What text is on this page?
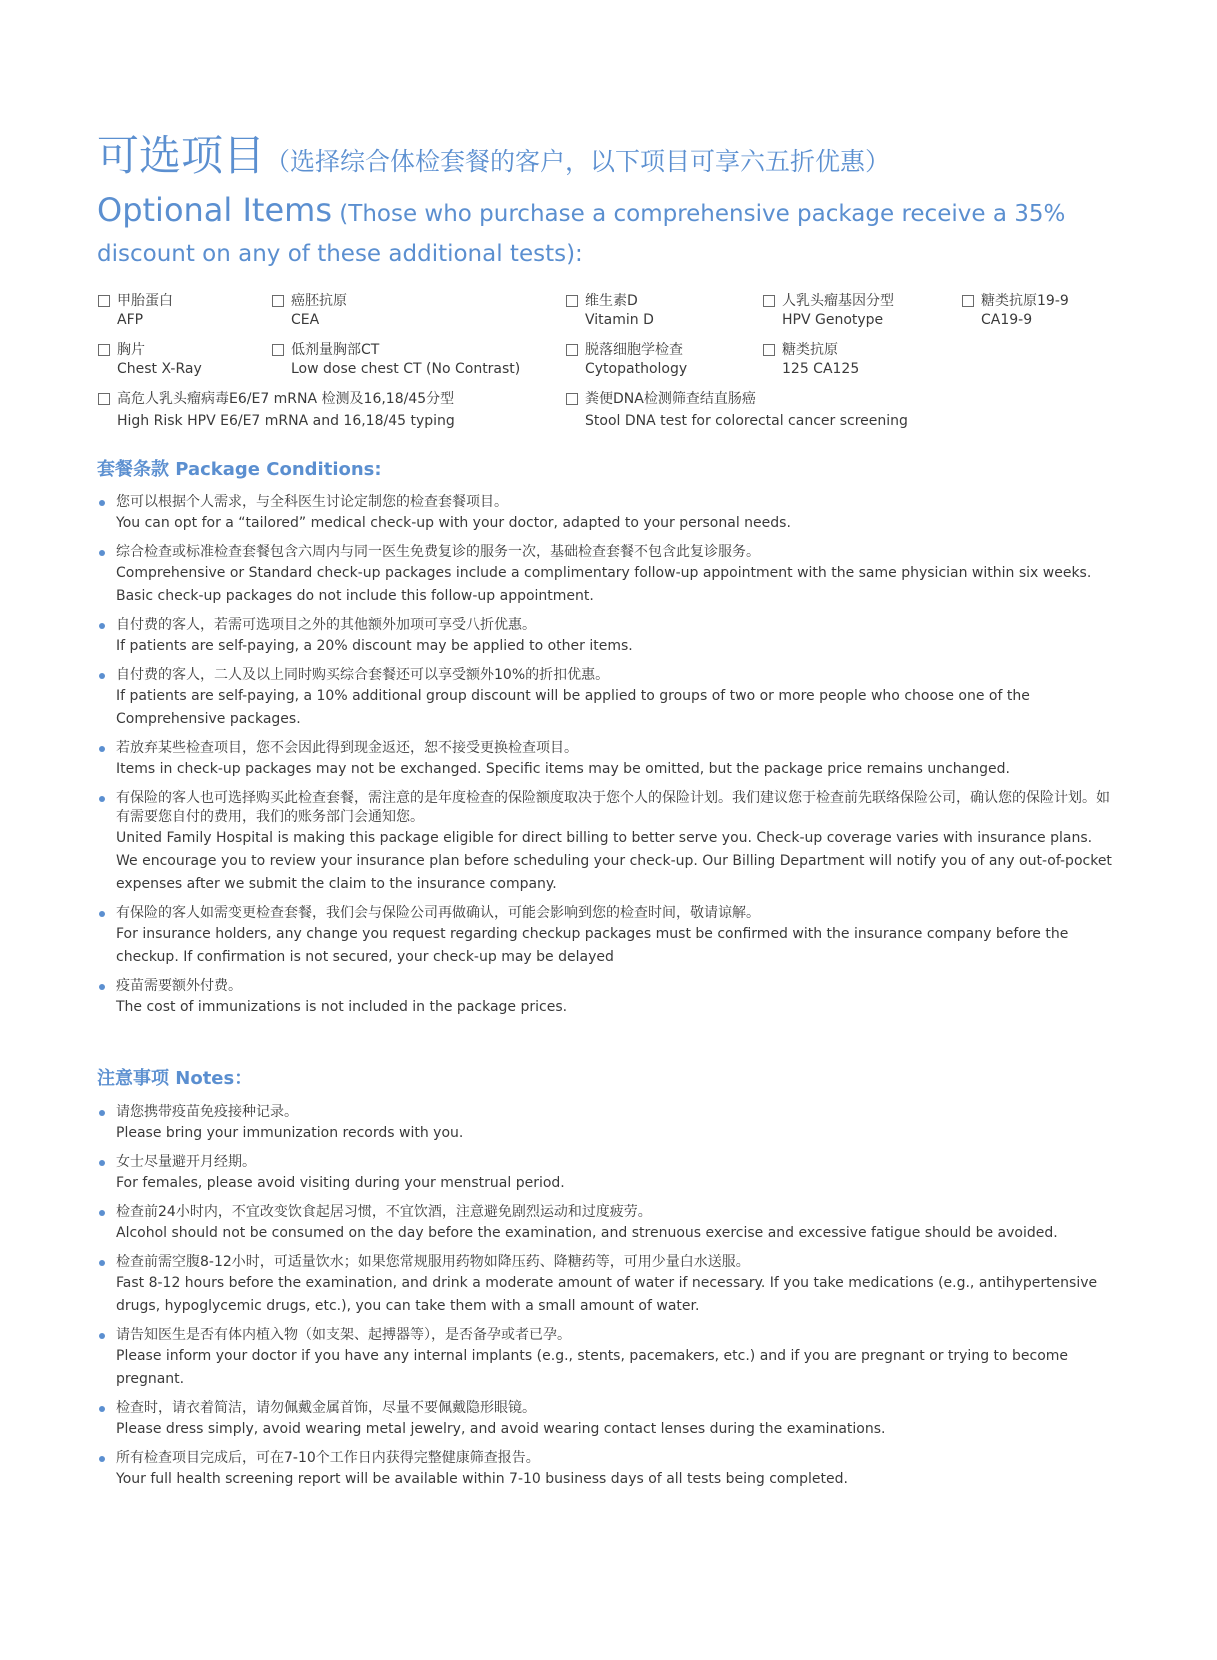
可选项目（选择综合体检套餐的客户，以下项目可享六五折优惠）
Optional Items (Those who purchase a comprehensive package receive a 35% discount on any of these additional tests):
甲胎蛋白
AFP
癌胚抗原
CEA
维生素D
Vitamin D
人乳头瘤基因分型
HPV Genotype
糖类抗原19-9
CA19-9
胸片
Chest X-Ray
低剂量胸部CT
Low dose chest CT (No Contrast)
脱落细胞学检查
Cytopathology
糖类抗原
125 CA125
高危人乳头瘤病毒E6/E7 mRNA 检测及16,18/45分型
High Risk HPV E6/E7 mRNA and 16,18/45 typing
粪便DNA检测筛查结直肠癌
Stool DNA test for colorectal cancer screening
套餐条款 Package Conditions:
您可以根据个人需求，与全科医生讨论定制您的检查套餐项目。
You can opt for a “tailored” medical check-up with your doctor, adapted to your personal needs.
综合检查或标准检查套餐包含六周内与同一医生免费复诊的服务一次，基础检查套餐不包含此复诊服务。
Comprehensive or Standard check-up packages include a complimentary follow-up appointment with the same physician within six weeks. Basic check-up packages do not include this follow-up appointment.
自付费的客人，若需可选项目之外的其他额外加项可享受八折优惠。
If patients are self-paying, a 20% discount may be applied to other items.
自付费的客人，二人及以上同时购买综合套餐还可以享受额外10%的折扣优惠。
If patients are self-paying, a 10% additional group discount will be applied to groups of two or more people who choose one of the Comprehensive packages.
若放弃某些检查项目，您不会因此得到现金返还，恕不接受更换检查项目。
Items in check-up packages may not be exchanged. Specific items may be omitted, but the package price remains unchanged.
有保险的客人也可选择购买此检查套餐，需注意的是年度检查的保险额度取决于您个人的保险计划。我们建议您于检查前先联络保险公司，确认您的保险计划。如有需要您自付的费用，我们的账务部门会通知您。
United Family Hospital is making this package eligible for direct billing to better serve you. Check-up coverage varies with insurance plans. We encourage you to review your insurance plan before scheduling your check-up. Our Billing Department will notify you of any out-of-pocket expenses after we submit the claim to the insurance company.
有保险的客人如需变更检查套餐，我们会与保险公司再做确认，可能会影响到您的检查时间，敬请谅解。
For insurance holders, any change you request regarding checkup packages must be confirmed with the insurance company before the checkup. If confirmation is not secured, your check-up may be delayed
疫苗需要额外付费。
The cost of immunizations is not included in the package prices.
注意事项 Notes：
请您携带疫苗免疫接种记录。
Please bring your immunization records with you.
女士尽量避开月经期。
For females, please avoid visiting during your menstrual period.
检查前24小时内，不宜改变饮食起居习惯，不宜饮酒，注意避免剧烈运动和过度疲劳。
Alcohol should not be consumed on the day before the examination, and strenuous exercise and excessive fatigue should be avoided.
检查前需空腹8-12小时，可适量饮水；如果您常规服用药物如降压药、降糖药等，可用少量白水送服。
Fast 8-12 hours before the examination, and drink a moderate amount of water if necessary. If you take medications (e.g., antihypertensive drugs, hypoglycemic drugs, etc.), you can take them with a small amount of water.
请告知医生是否有体内植入物（如支架、起搏器等），是否备孕或者已孕。
Please inform your doctor if you have any internal implants (e.g., stents, pacemakers, etc.) and if you are pregnant or trying to become pregnant.
检查时，请衣着简洁，请勿佩戴金属首饰，尽量不要佩戴隐形眼镜。
Please dress simply, avoid wearing metal jewelry, and avoid wearing contact lenses during the examinations.
所有检查项目完成后，可在7-10个工作日内获得完整健康筛查报告。
Your full health screening report will be available within 7-10 business days of all tests being completed.
